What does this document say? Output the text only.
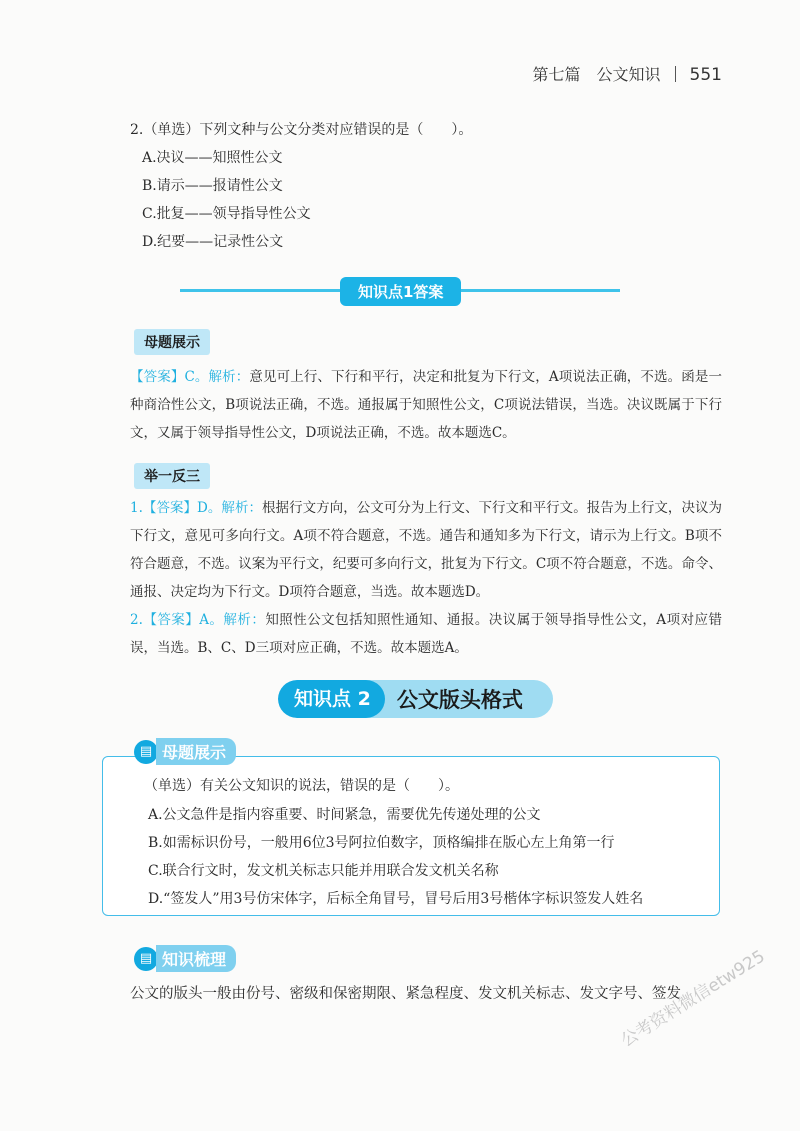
第七篇　公文知识 551
2.（单选）下列文种与公文分类对应错误的是（　　）。
A.决议——知照性公文
B.请示——报请性公文
C.批复——领导指导性公文
D.纪要——记录性公文
知识点1答案
母题展示
【答案】C。解析：意见可上行、下行和平行，决定和批复为下行文，A项说法正确，不选。函是一种商洽性公文，B项说法正确，不选。通报属于知照性公文，C项说法错误，当选。决议既属于下行文，又属于领导指导性公文，D项说法正确，不选。故本题选C。
举一反三
1.【答案】D。解析：根据行文方向，公文可分为上行文、下行文和平行文。报告为上行文，决议为下行文，意见可多向行文。A项不符合题意，不选。通告和通知多为下行文，请示为上行文。B项不符合题意，不选。议案为平行文，纪要可多向行文，批复为下行文。C项不符合题意，不选。命令、通报、决定均为下行文。D项符合题意，当选。故本题选D。
2.【答案】A。解析：知照性公文包括知照性通知、通报。决议属于领导指导性公文，A项对应错误，当选。B、C、D三项对应正确，不选。故本题选A。
知识点 2	公文版头格式
▤ 母题展示
（单选）有关公文知识的说法，错误的是（　　）。
A.公文急件是指内容重要、时间紧急，需要优先传递处理的公文
B.如需标识份号，一般用6位3号阿拉伯数字，顶格编排在版心左上角第一行
C.联合行文时，发文机关标志只能并用联合发文机关名称
D.“签发人”用3号仿宋体字，后标全角冒号，冒号后用3号楷体字标识签发人姓名
▤ 知识梳理
公文的版头一般由份号、密级和保密期限、紧急程度、发文机关标志、发文字号、签发
公考资料微信etw925
